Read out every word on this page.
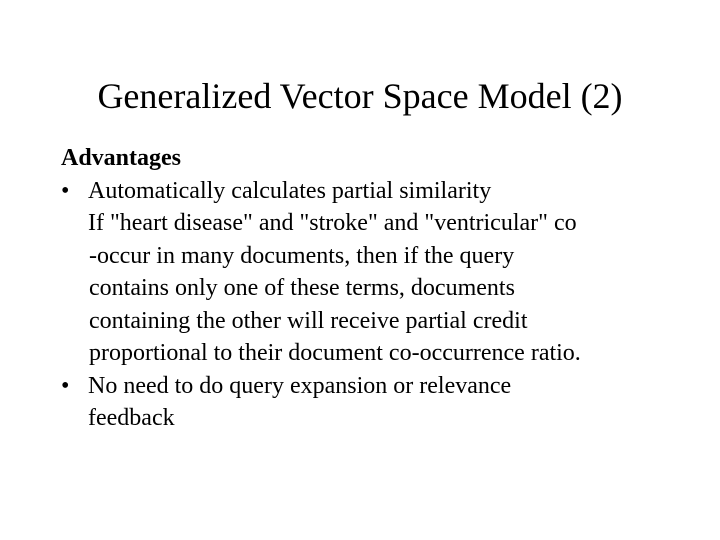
Generalized Vector Space Model (2)
Advantages
• Automatically calculates partial similarity
If "heart disease" and "stroke" and "ventricular" co
-occur in many documents, then if the query
contains only one of these terms, documents
containing the other will receive partial credit
proportional to their document co-occurrence ratio.
• No need to do query expansion or relevance
feedback
